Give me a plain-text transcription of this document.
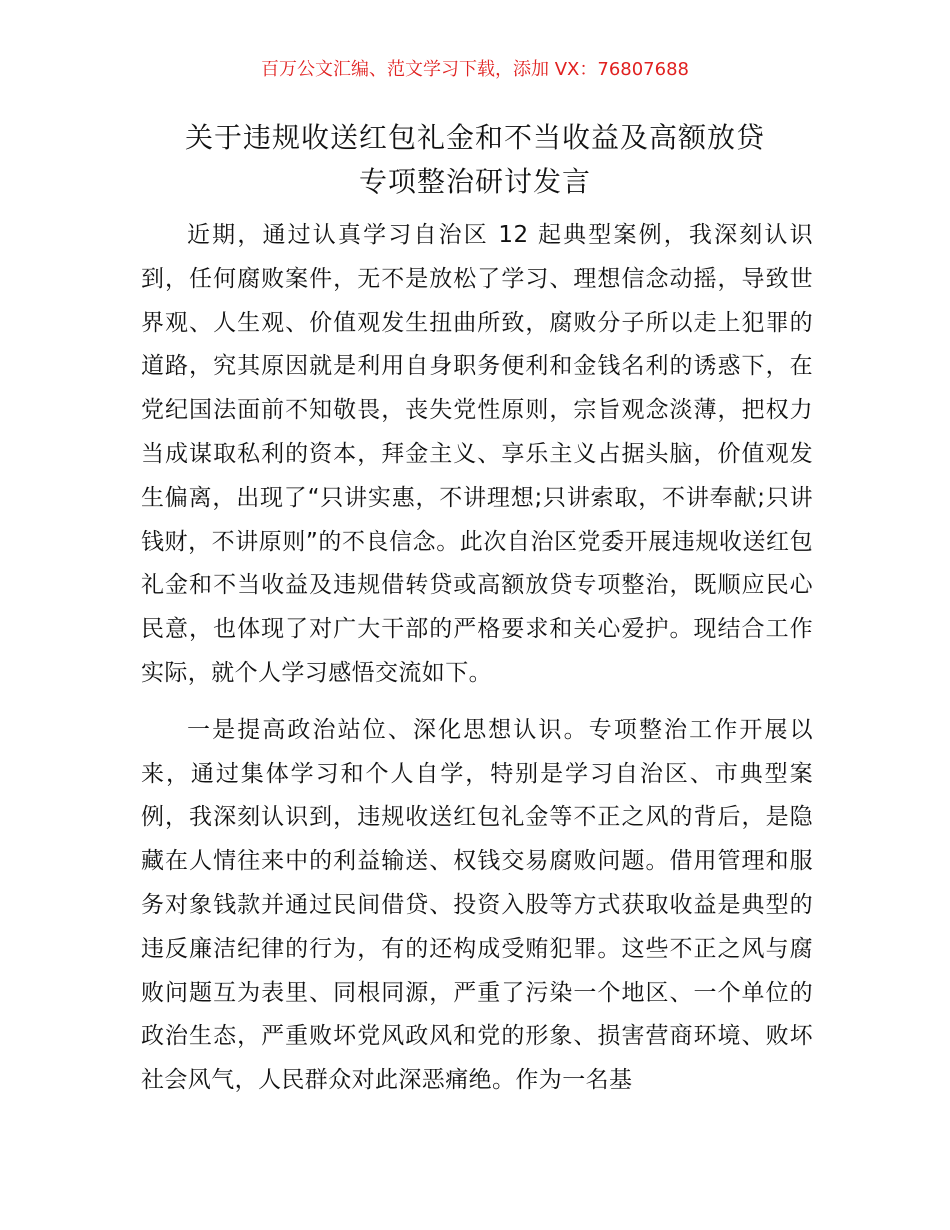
百万公文汇编、范文学习下载，添加 VX：76807688
关于违规收送红包礼金和不当收益及高额放贷
专项整治研讨发言

近期，通过认真学习自治区 12 起典型案例，我深刻认识到，任何腐败案件，无不是放松了学习、理想信念动摇，导致世界观、人生观、价值观发生扭曲所致，腐败分子所以走上犯罪的道路，究其原因就是利用自身职务便利和金钱名利的诱惑下，在党纪国法面前不知敬畏，丧失党性原则，宗旨观念淡薄，把权力当成谋取私利的资本，拜金主义、享乐主义占据头脑，价值观发生偏离，出现了“只讲实惠，不讲理想;只讲索取，不讲奉献;只讲钱财，不讲原则”的不良信念。此次自治区党委开展违规收送红包礼金和不当收益及违规借转贷或高额放贷专项整治，既顺应民心民意，也体现了对广大干部的严格要求和关心爱护。现结合工作实际，就个人学习感悟交流如下。

一是提高政治站位、深化思想认识。专项整治工作开展以来，通过集体学习和个人自学，特别是学习自治区、市典型案例，我深刻认识到，违规收送红包礼金等不正之风的背后，是隐藏在人情往来中的利益输送、权钱交易腐败问题。借用管理和服务对象钱款并通过民间借贷、投资入股等方式获取收益是典型的违反廉洁纪律的行为，有的还构成受贿犯罪。这些不正之风与腐败问题互为表里、同根同源，严重了污染一个地区、一个单位的政治生态，严重败坏党风政风和党的形象、损害营商环境、败坏社会风气，人民群众对此深恶痛绝。作为一名基
